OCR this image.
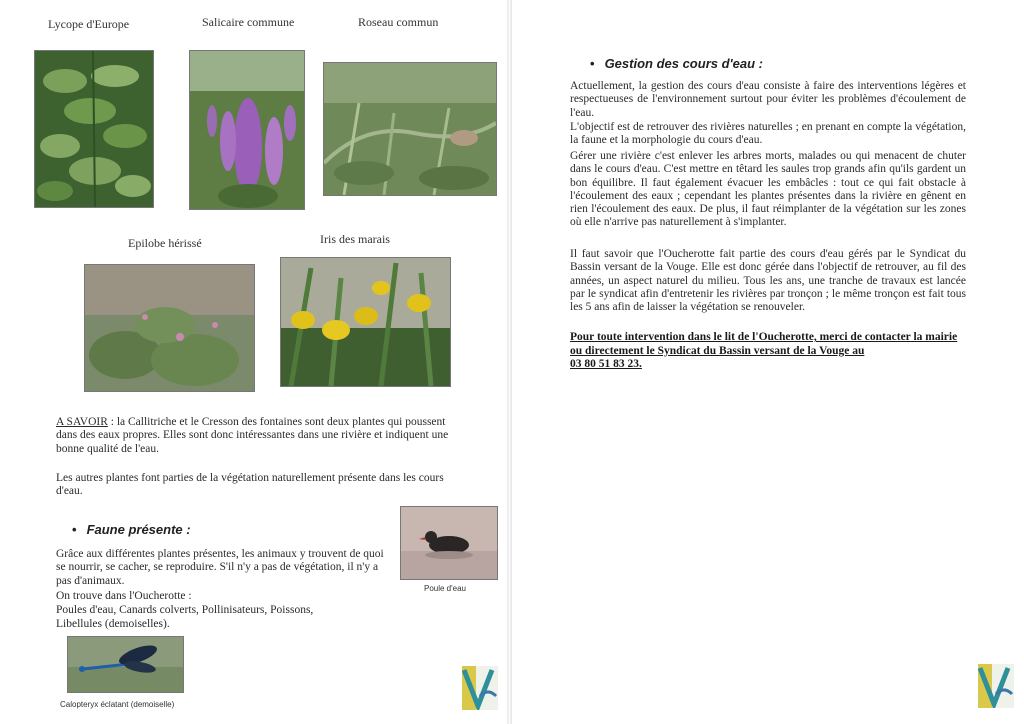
Lycope d'Europe	Salicaire commune	Roseau commun
Epilobe hérissé	Iris des marais

A SAVOIR : la Callitriche et le Cresson des fontaines sont deux plantes qui poussent dans des eaux propres. Elles sont donc intéressantes dans une rivière et indiquent une bonne qualité de l'eau.

Les autres plantes font parties de la végétation naturellement présente dans les cours d'eau.

• Faune présente :

Grâce aux différentes plantes présentes, les animaux y trouvent de quoi se nourrir, se cacher, se reproduire. S'il n'y a pas de végétation, il n'y a pas d'animaux.

On trouve dans l'Oucherotte :

Poules d'eau, Canards colverts, Pollinisateurs, Poissons,

Libellules (demoiselles).

Poule d'eau
Calopteryx éclatant (demoiselle)
• Gestion des cours d'eau :

Actuellement, la gestion des cours d'eau consiste à faire des interventions légères et respectueuses de l'environnement surtout pour éviter les problèmes d'écoulement de l'eau.

L'objectif est de retrouver des rivières naturelles ; en prenant en compte la végétation, la faune et la morphologie du cours d'eau.

Gérer une rivière c'est enlever les arbres morts, malades ou qui menacent de chuter dans le cours d'eau. C'est mettre en têtard les saules trop grands afin qu'ils gardent un bon équilibre. Il faut également évacuer les embâcles : tout ce qui fait obstacle à l'écoulement des eaux ; cependant les plantes présentes dans la rivière en gênent en rien l'écoulement des eaux. De plus, il faut réimplanter de la végétation sur les zones où elle n'arrive pas naturellement à s'implanter.

Il faut savoir que l'Oucherotte fait partie des cours d'eau gérés par le Syndicat du Bassin versant de la Vouge. Elle est donc gérée dans l'objectif de retrouver, au fil des années, un aspect naturel du milieu. Tous les ans, une tranche de travaux est lancée par le syndicat afin d'entretenir les rivières par tronçon ; le même tronçon est fait tous les 5 ans afin de laisser la végétation se renouveler.

Pour toute intervention dans le lit de l'Oucherotte, merci de contacter la mairie ou directement le Syndicat du Bassin versant de la Vouge au
03 80 51 83 23.
